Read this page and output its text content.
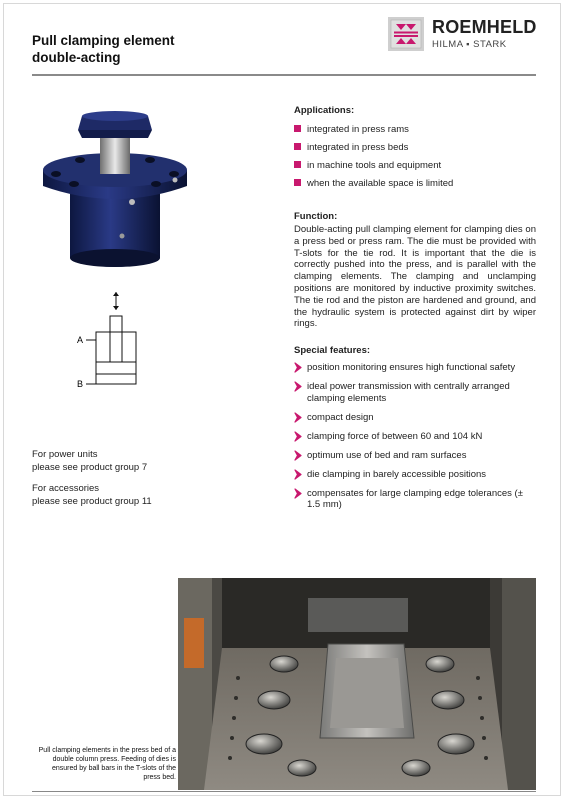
Pull clamping element
double-acting
ROEMHELD
HILMA ▪ STARK
A
B
For power units
please see product group 7
For accessories
please see product group 11

Applications:

integrated in press rams
integrated in press beds
in machine tools and equipment
when the available space is limited

Function:

Double-acting pull clamping element for clamping dies on a press bed or press ram. The die must be provided with T-slots for the tie rod. It is important that the die is correctly pushed into the press, and is parallel with the clamping elements. The clamping and unclamping positions are monitored by inductive proximity switches. The tie rod and the piston are hardened and ground, and the hydraulic system is protected against dirt by wiper rings.

Special features:

position monitoring ensures high functional safety
ideal power transmission with centrally arranged clamping elements
compact design
clamping force of between 60 and 104 kN
optimum use of bed and ram surfaces
die clamping in barely accessible positions
compensates for large clamping edge tolerances (± 1.5 mm)
Pull clamping elements in the press bed of a double column press. Feeding of dies is ensured by ball bars in the T-slots of the press bed.
